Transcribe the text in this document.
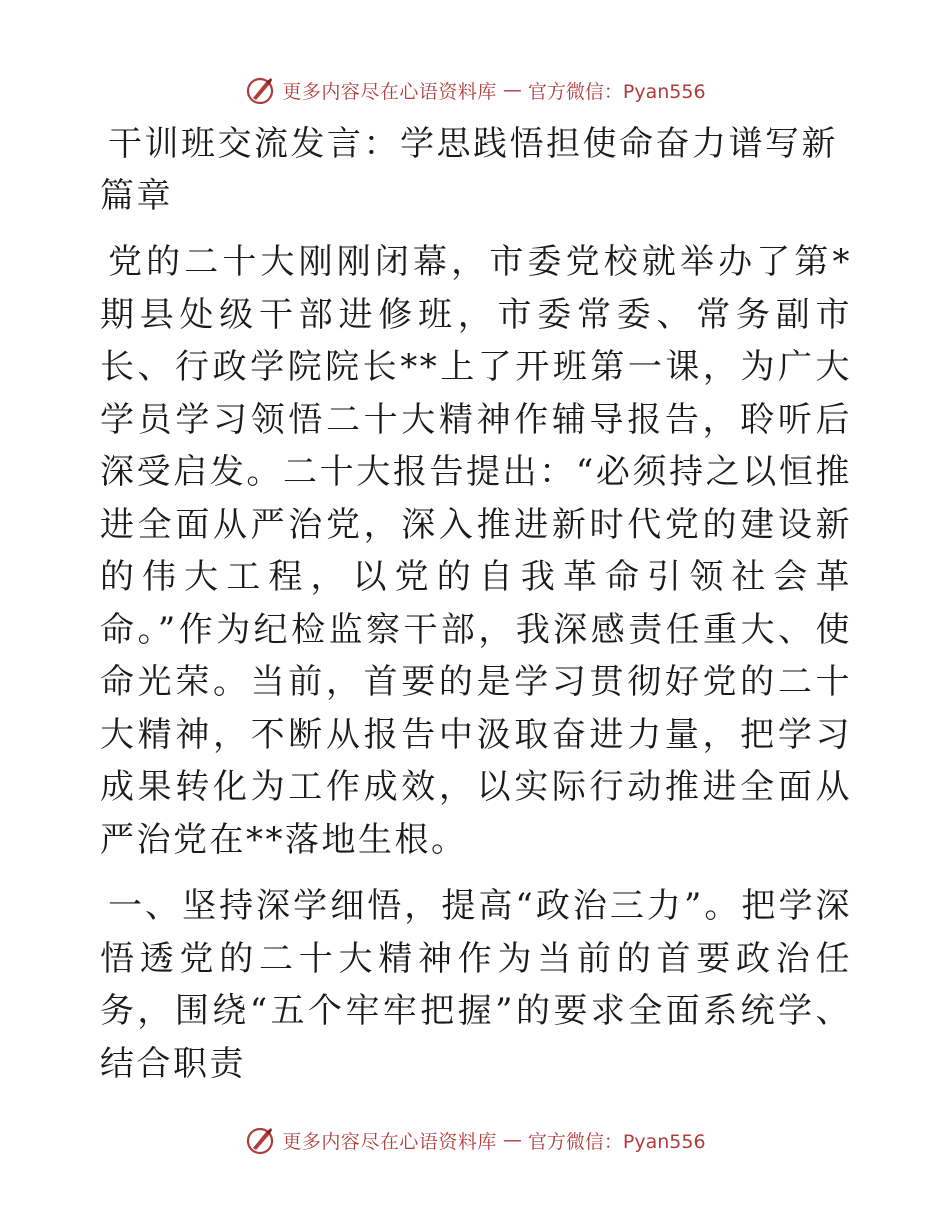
更多内容尽在心语资料库 — 官方微信：Pyan556
干训班交流发言：学思践悟担使命奋力谱写新篇章

党的二十大刚刚闭幕，市委党校就举办了第*期县处级干部进修班，市委常委、常务副市长、行政学院院长**上了开班第一课，为广大学员学习领悟二十大精神作辅导报告，聆听后深受启发。二十大报告提出：“必须持之以恒推进全面从严治党，深入推进新时代党的建设新的伟大工程，以党的自我革命引领社会革命。”作为纪检监察干部，我深感责任重大、使命光荣。当前，首要的是学习贯彻好党的二十大精神，不断从报告中汲取奋进力量，把学习成果转化为工作成效，以实际行动推进全面从严治党在**落地生根。

一、坚持深学细悟，提高“政治三力”。把学深悟透党的二十大精神作为当前的首要政治任务，围绕“五个牢牢把握”的要求全面系统学、结合职责

更多内容尽在心语资料库 — 官方微信：Pyan556
